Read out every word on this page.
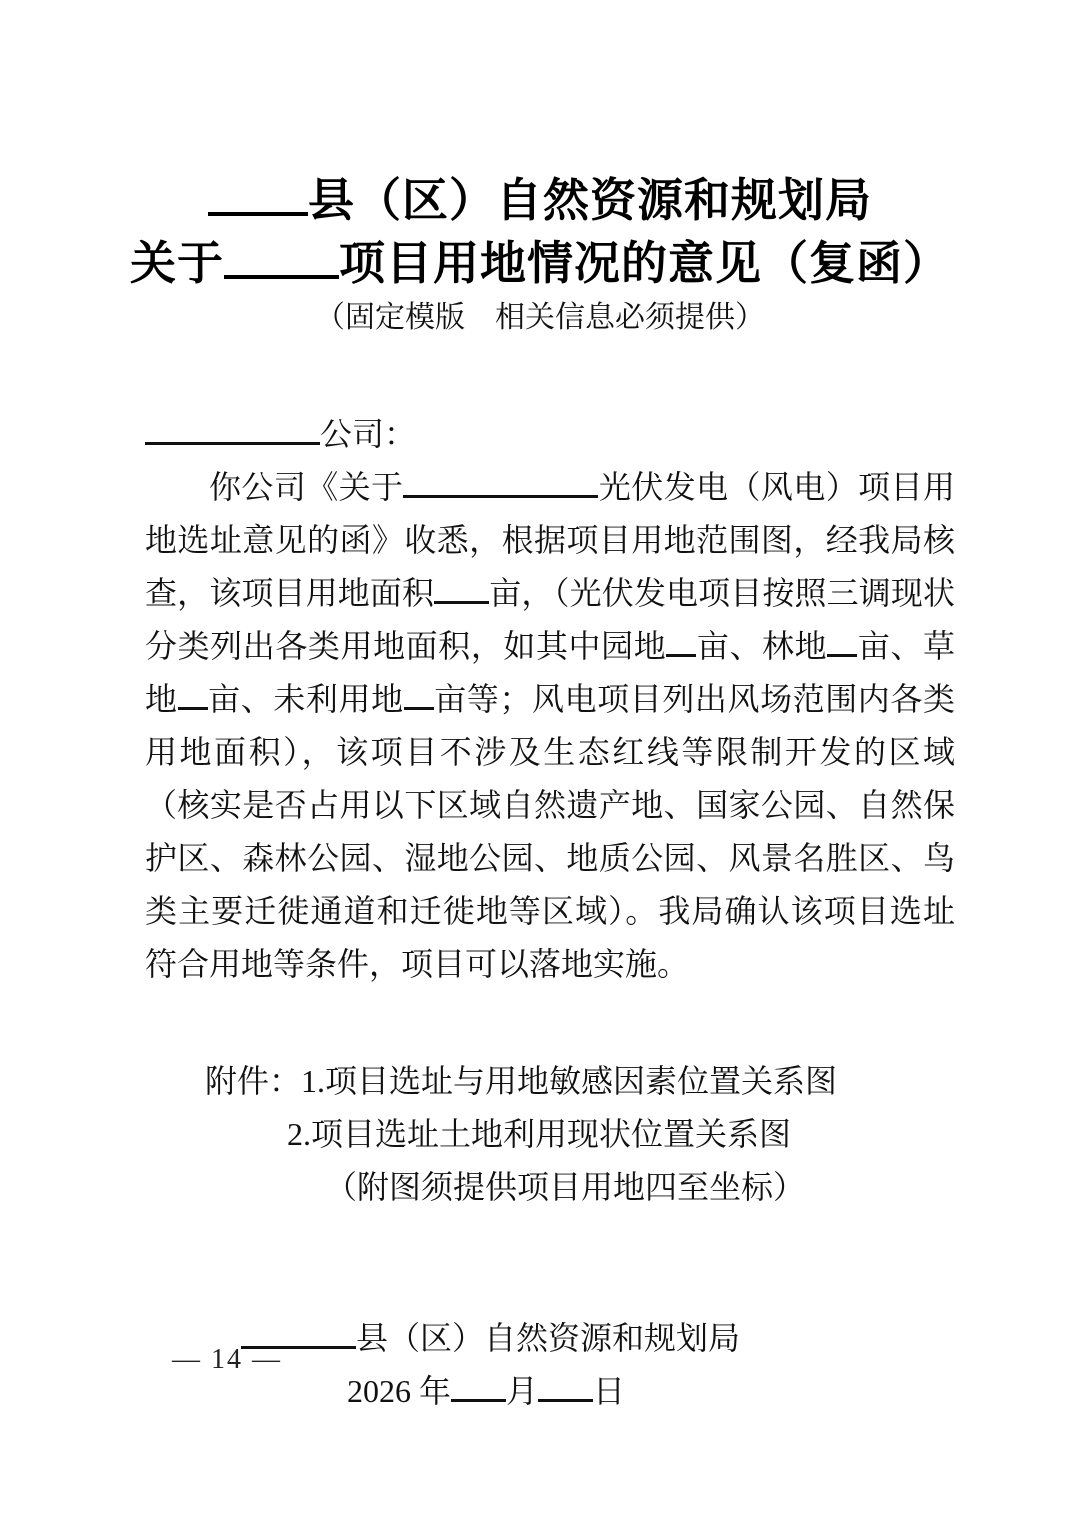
县（区）自然资源和规划局
关于	项目用地情况的意见（复函）
（固定模版　相关信息必须提供）
公司：

你公司《关于	光伏发电（风电）项目用地选址意见的函》收悉，根据项目用地范围图，经我局核查，该项目用地面积 亩，（光伏发电项目按照三调现状分类列出各类用地面积，如其中园地 亩、林地 亩、草地 亩、未利用地 亩等；风电项目列出风场范围内各类用地面积），该项目不涉及生态红线等限制开发的区域（核实是否占用以下区域自然遗产地、国家公园、自然保护区、森林公园、湿地公园、地质公园、风景名胜区、鸟类主要迁徙通道和迁徙地等区域）。我局确认该项目选址符合用地等条件，项目可以落地实施。

附件：1.项目选址与用地敏感因素位置关系图
2.项目选址土地利用现状位置关系图
（附图须提供项目用地四至坐标）
县（区）自然资源和规划局
2026 年 月 日
— 14 —
